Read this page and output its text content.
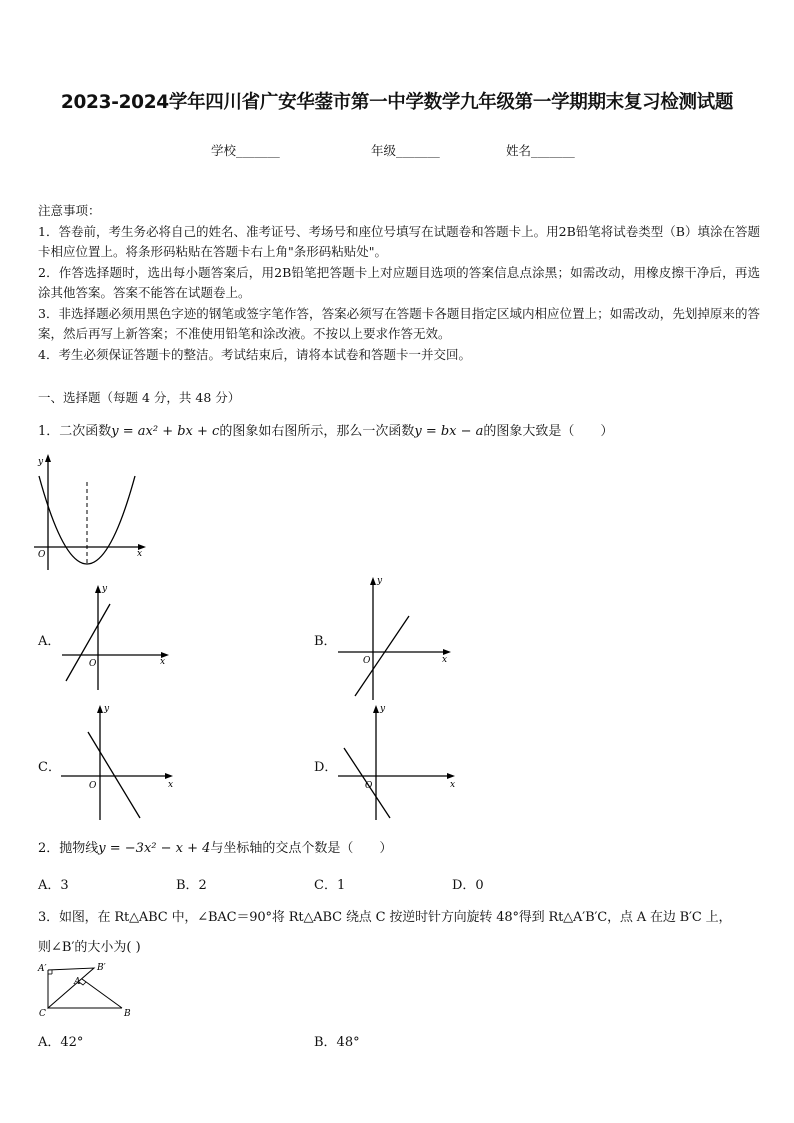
2023-2024学年四川省广安华蓥市第一中学数学九年级第一学期期末复习检测试题
学校_______	年级_______	姓名_______

注意事项：

1．答卷前，考生务必将自己的姓名、准考证号、考场号和座位号填写在试题卷和答题卡上。用2B铅笔将试卷类型（B）填涂在答题卡相应位置上。将条形码粘贴在答题卡右上角"条形码粘贴处"。

2．作答选择题时，选出每小题答案后，用2B铅笔把答题卡上对应题目选项的答案信息点涂黑；如需改动，用橡皮擦干净后，再选涂其他答案。答案不能答在试题卷上。

3．非选择题必须用黑色字迹的钢笔或签字笔作答，答案必须写在答题卡各题目指定区域内相应位置上；如需改动，先划掉原来的答案，然后再写上新答案；不准使用铅笔和涂改液。不按以上要求作答无效。

4．考生必须保证答题卡的整洁。考试结束后，请将本试卷和答题卡一并交回。

一、选择题（每题 4 分，共 48 分）
1．二次函数y = ax² + bx + c的图象如右图所示，那么一次函数y = bx − a的图象大致是（　　）
y
x
O
A．	B．
C．	D．
y
x
O
y
x
O
y
x
O
y
x
O
2．抛物线y = −3x² − x + 4与坐标轴的交点个数是（　　）
A．3	B．2	C．1	D．0
3．如图，在 Rt△ABC 中，∠BAC＝90°将 Rt△ABC 绕点 C 按逆时针方向旋转 48°得到 Rt△A′B′C，点 A 在边 B′C 上，
则∠B′的大小为( )
A′	B′
A
B
C
A．42°	B．48°
